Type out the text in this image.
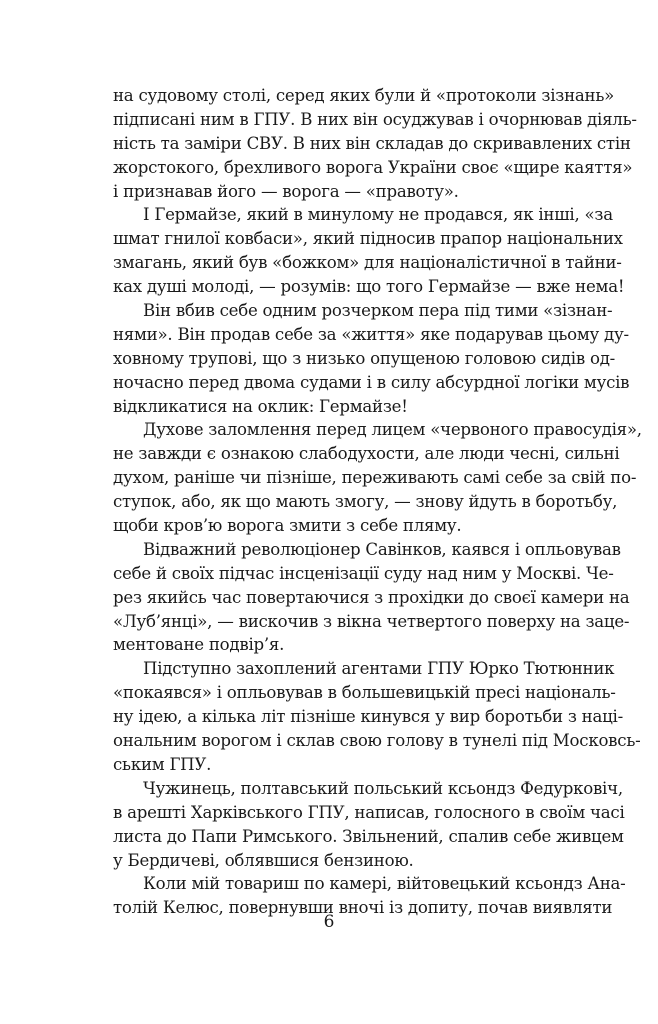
на судовому столі, серед яких були й «протоколи зізнань»
підписані ним в ГПУ. В них він осуджував і очорнював діяль-
ність та заміри СВУ. В них він складав до скривавлених стін
жорстокого, брехливого ворога України своє «щире каяття»
і признавав його — ворога — «правоту».
І Гермайзе, який в минулому не продався, як інші, «за
шмат гнилої ковбаси», який підносив прапор національних
змагань, який був «божком» для націоналістичної в тайни-
ках душі молоді, — розумів: що того Гермайзе — вже нема!
Він вбив себе одним розчерком пера під тими «зізнан-
нями». Він продав себе за «життя» яке подарував цьому ду-
ховному трупові, що з низько опущеною головою сидів од-
ночасно перед двома судами і в силу абсурдної логіки мусів
відкликатися на оклик: Гермайзе!
Духове заломлення перед лицем «червоного правосудія»,
не завжди є ознакою слабодухости, але люди чесні, сильні
духом, раніше чи пізніше, переживають самі себе за свій по-
ступок, або, як що мають змогу, — знову йдуть в боротьбу,
щоби кров’ю ворога змити з себе пляму.
Відважний революціонер Савінков, каявся і опльовував
себе й своїх підчас інсценізації суду над ним у Москві. Че-
рез якийсь час повертаючися з прохідки до своєї камери на
«Луб’янці», — вискочив з вікна четвертого поверху на заце-
ментоване подвір’я.
Підступно захоплений агентами ГПУ Юрко Тютюнник
«покаявся» і опльовував в большевицькій пресі національ-
ну ідею, а кілька літ пізніше кинувся у вир боротьби з наці-
ональним ворогом і склав свою голову в тунелі під Московсь-
ським ГПУ.
Чужинець, полтавський польський ксьондз Федурковіч,
в арешті Харківського ГПУ, написав, голосного в своїм часі
листа до Папи Римського. Звільнений, спалив себе живцем
у Бердичеві, облявшися бензиною.
Коли мій товариш по камері, війтовецький ксьондз Ана-
толій Келюс, повернувши вночі із допиту, почав виявляти
6
